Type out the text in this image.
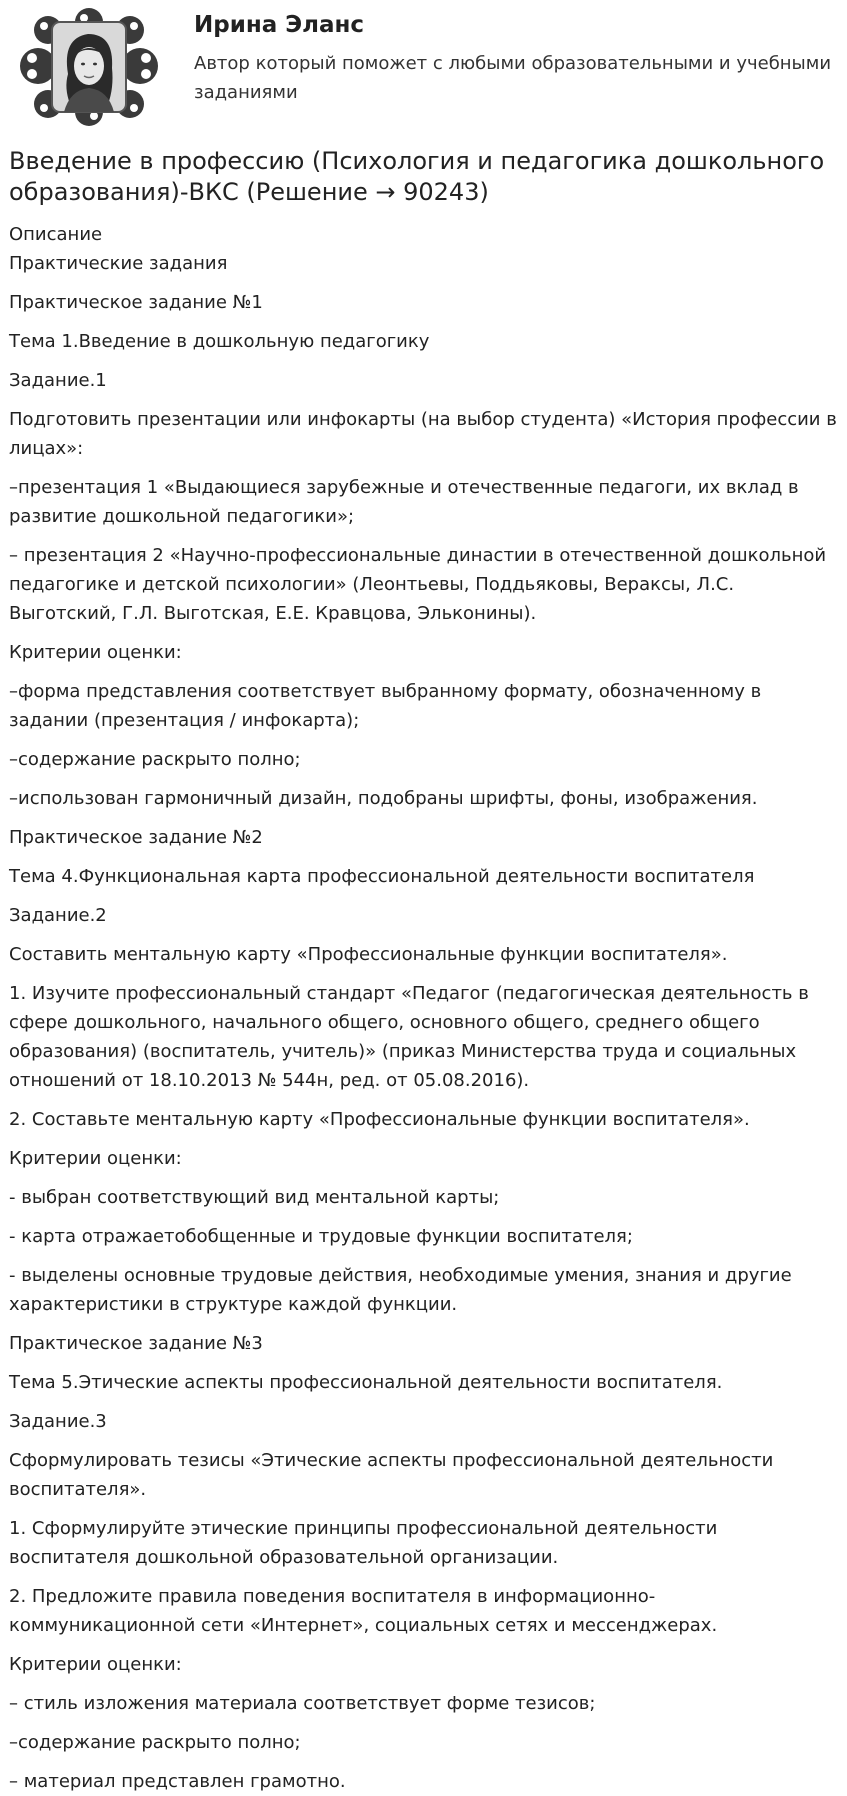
Ирина Эланс

Автор который поможет с любыми образовательными и учебными заданиями

Введение в профессию (Психология и педагогика дошкольного образования)-ВКС (Решение → 90243)
Описание

Практические задания

Практическое задание №1

Тема 1.Введение в дошкольную педагогику

Задание.1

Подготовить презентации или инфокарты (на выбор студента) «История профессии в лицах»:

–презентация 1 «Выдающиеся зарубежные и отечественные педагоги, их вклад в развитие дошкольной педагогики»;

– презентация 2 «Научно-профессиональные династии в отечественной дошкольной педагогике и детской психологии» (Леонтьевы, Поддьяковы, Вераксы, Л.С. Выготский, Г.Л. Выготская, Е.Е. Кравцова, Эльконины).

Критерии оценки:

–форма представления соответствует выбранному формату, обозначенному в задании (презентация / инфокарта);

–содержание раскрыто полно;

–использован гармоничный дизайн, подобраны шрифты, фоны, изображения.

Практическое задание №2

Тема 4.Функциональная карта профессиональной деятельности воспитателя

Задание.2

Составить ментальную карту «Профессиональные функции воспитателя».

1. Изучите профессиональный стандарт «Педагог (педагогическая деятельность в сфере дошкольного, начального общего, основного общего, среднего общего образования) (воспитатель, учитель)» (приказ Министерства труда и социальных отношений от 18.10.2013 № 544н, ред. от 05.08.2016).

2. Составьте ментальную карту «Профессиональные функции воспитателя».

Критерии оценки:

- выбран соответствующий вид ментальной карты;

- карта отражаетобобщенные и трудовые функции воспитателя;

- выделены основные трудовые действия, необходимые умения, знания и другие характеристики в структуре каждой функции.

Практическое задание №3

Тема 5.Этические аспекты профессиональной деятельности воспитателя.

Задание.3

Сформулировать тезисы «Этические аспекты профессиональной деятельности воспитателя».

1. Сформулируйте этические принципы профессиональной деятельности воспитателя дошкольной образовательной организации.

2. Предложите правила поведения воспитателя в информационно-коммуникационной сети «Интернет», социальных сетях и мессенджерах.

Критерии оценки:

– стиль изложения материала соответствует форме тезисов;

–содержание раскрыто полно;

– материал представлен грамотно.
